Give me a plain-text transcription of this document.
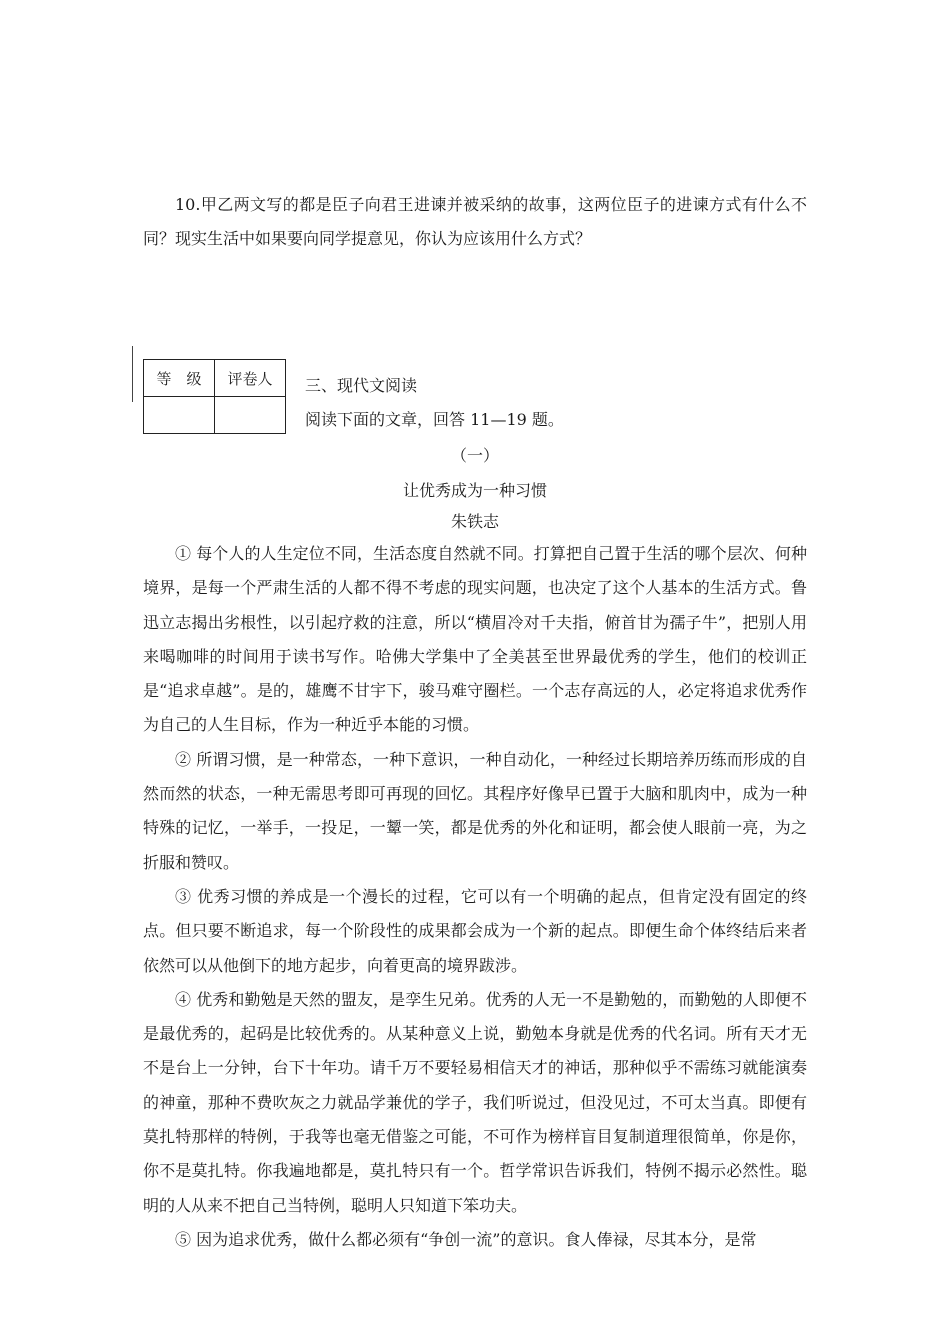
10.甲乙两文写的都是臣子向君王进谏并被采纳的故事，这两位臣子的进谏方式有什么不同？现实生活中如果要向同学提意见，你认为应该用什么方式？
等　级	评卷人
	三、现代文阅读
阅读下面的文章，回答 11—19 题。
（一）
让优秀成为一种习惯
朱铁志

① 每个人的人生定位不同，生活态度自然就不同。打算把自己置于生活的哪个层次、何种境界，是每一个严肃生活的人都不得不考虑的现实问题，也决定了这个人基本的生活方式。鲁迅立志揭出劣根性，以引起疗救的注意，所以“横眉冷对千夫指，俯首甘为孺子牛”，把别人用来喝咖啡的时间用于读书写作。哈佛大学集中了全美甚至世界最优秀的学生，他们的校训正是“追求卓越”。是的，雄鹰不甘宇下，骏马难守圈栏。一个志存高远的人，必定将追求优秀作为自己的人生目标，作为一种近乎本能的习惯。

② 所谓习惯，是一种常态，一种下意识，一种自动化，一种经过长期培养历练而形成的自然而然的状态，一种无需思考即可再现的回忆。其程序好像早已置于大脑和肌肉中，成为一种特殊的记忆，一举手，一投足，一颦一笑，都是优秀的外化和证明，都会使人眼前一亮，为之折服和赞叹。

③ 优秀习惯的养成是一个漫长的过程，它可以有一个明确的起点，但肯定没有固定的终点。但只要不断追求，每一个阶段性的成果都会成为一个新的起点。即便生命个体终结后来者依然可以从他倒下的地方起步，向着更高的境界跋涉。

④ 优秀和勤勉是天然的盟友，是孪生兄弟。优秀的人无一不是勤勉的，而勤勉的人即便不是最优秀的，起码是比较优秀的。从某种意义上说，勤勉本身就是优秀的代名词。所有天才无不是台上一分钟，台下十年功。请千万不要轻易相信天才的神话，那种似乎不需练习就能演奏的神童，那种不费吹灰之力就品学兼优的学子，我们听说过，但没见过，不可太当真。即便有莫扎特那样的特例，于我等也毫无借鉴之可能，不可作为榜样盲目复制道理很简单，你是你，你不是莫扎特。你我遍地都是，莫扎特只有一个。哲学常识告诉我们，特例不揭示必然性。聪明的人从来不把自己当特例，聪明人只知道下笨功夫。

⑤ 因为追求优秀，做什么都必须有“争创一流”的意识。食人俸禄，尽其本分，是常
